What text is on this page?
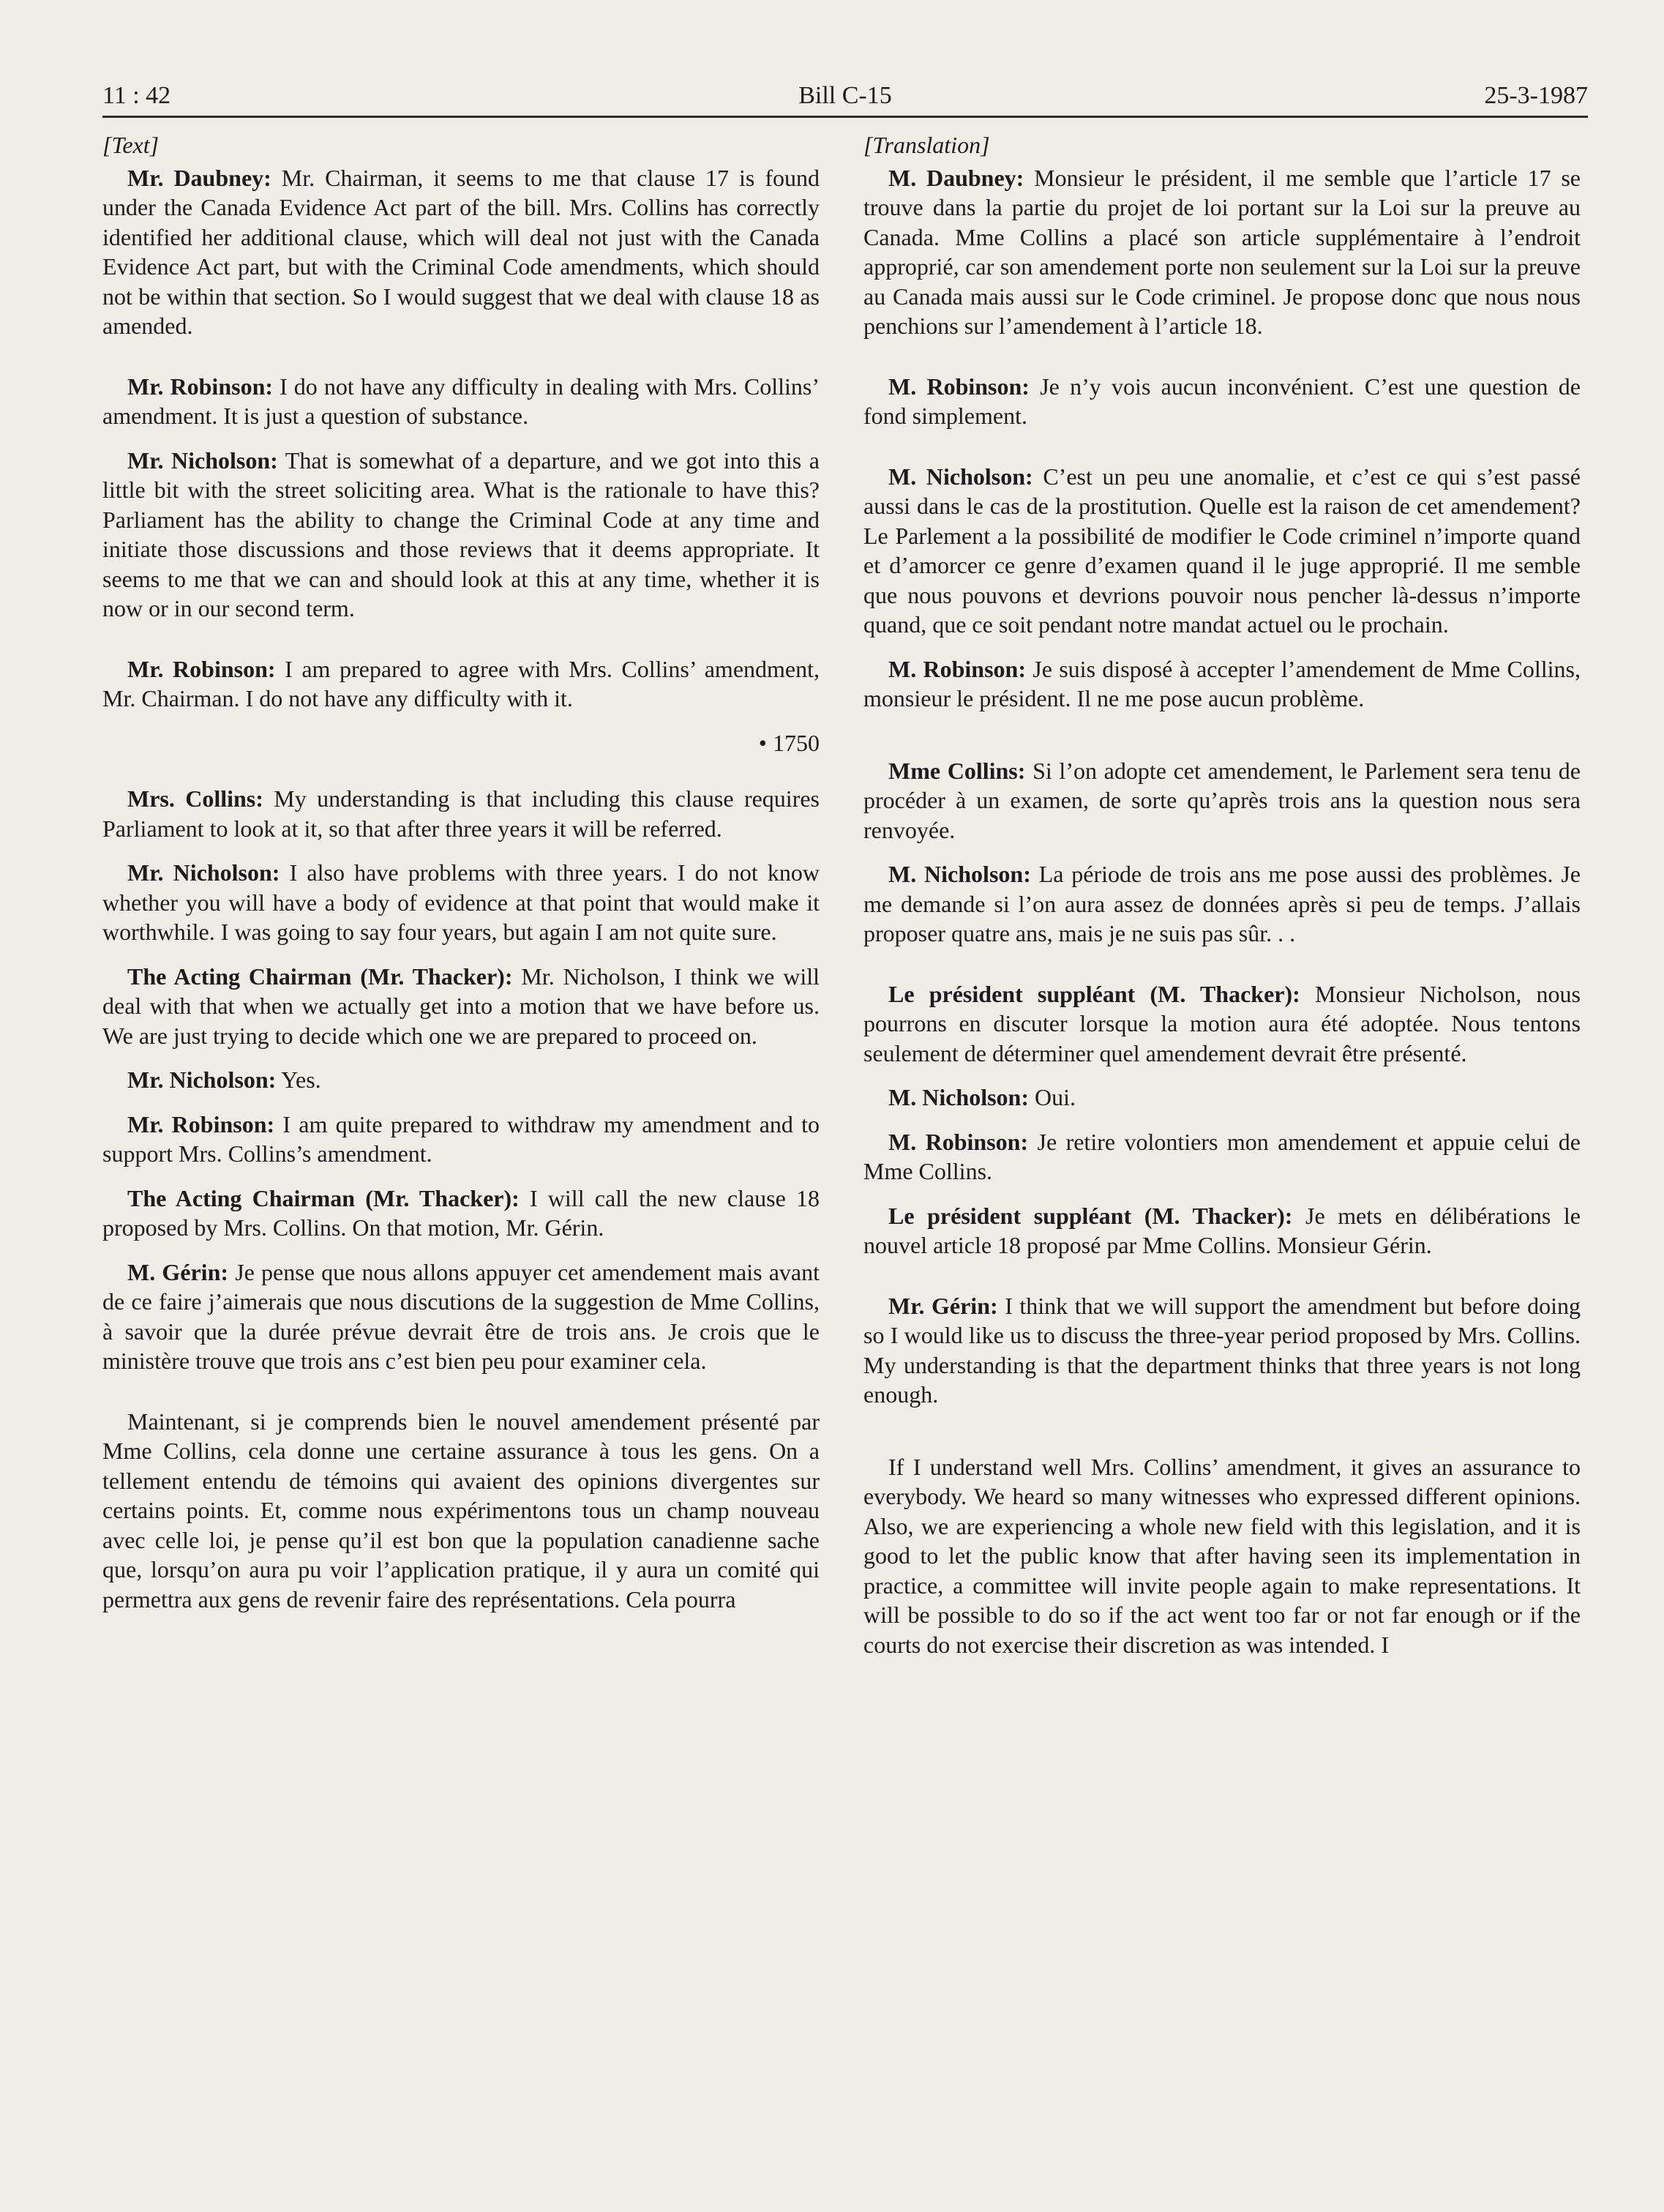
11 : 42	Bill C-15	25-3-1987
[Text]

Mr. Daubney: Mr. Chairman, it seems to me that clause 17 is found under the Canada Evidence Act part of the bill. Mrs. Collins has correctly identified her additional clause, which will deal not just with the Canada Evidence Act part, but with the Criminal Code amendments, which should not be within that section. So I would suggest that we deal with clause 18 as amended.

Mr. Robinson: I do not have any difficulty in dealing with Mrs. Collins’ amendment. It is just a question of substance.

Mr. Nicholson: That is somewhat of a departure, and we got into this a little bit with the street soliciting area. What is the rationale to have this? Parliament has the ability to change the Criminal Code at any time and initiate those discussions and those reviews that it deems appropriate. It seems to me that we can and should look at this at any time, whether it is now or in our second term.

Mr. Robinson: I am prepared to agree with Mrs. Collins’ amendment, Mr. Chairman. I do not have any difficulty with it.

• 1750

Mrs. Collins: My understanding is that including this clause requires Parliament to look at it, so that after three years it will be referred.

Mr. Nicholson: I also have problems with three years. I do not know whether you will have a body of evidence at that point that would make it worthwhile. I was going to say four years, but again I am not quite sure.

The Acting Chairman (Mr. Thacker): Mr. Nicholson, I think we will deal with that when we actually get into a motion that we have before us. We are just trying to decide which one we are prepared to proceed on.

Mr. Nicholson: Yes.

Mr. Robinson: I am quite prepared to withdraw my amendment and to support Mrs. Collins’s amendment.

The Acting Chairman (Mr. Thacker): I will call the new clause 18 proposed by Mrs. Collins. On that motion, Mr. Gérin.

M. Gérin: Je pense que nous allons appuyer cet amendement mais avant de ce faire j’aimerais que nous discutions de la suggestion de Mme Collins, à savoir que la durée prévue devrait être de trois ans. Je crois que le ministère trouve que trois ans c’est bien peu pour examiner cela.

Maintenant, si je comprends bien le nouvel amendement présenté par Mme Collins, cela donne une certaine assurance à tous les gens. On a tellement entendu de témoins qui avaient des opinions divergentes sur certains points. Et, comme nous expérimentons tous un champ nouveau avec celle loi, je pense qu’il est bon que la population canadienne sache que, lorsqu’on aura pu voir l’application pratique, il y aura un comité qui permettra aux gens de revenir faire des représentations. Cela pourra

[Translation]

M. Daubney: Monsieur le président, il me semble que l’article 17 se trouve dans la partie du projet de loi portant sur la Loi sur la preuve au Canada. Mme Collins a placé son article supplémentaire à l’endroit approprié, car son amendement porte non seulement sur la Loi sur la preuve au Canada mais aussi sur le Code criminel. Je propose donc que nous nous penchions sur l’amendement à l’article 18.

M. Robinson: Je n’y vois aucun inconvénient. C’est une question de fond simplement.

M. Nicholson: C’est un peu une anomalie, et c’est ce qui s’est passé aussi dans le cas de la prostitution. Quelle est la raison de cet amendement? Le Parlement a la possibilité de modifier le Code criminel n’importe quand et d’amorcer ce genre d’examen quand il le juge approprié. Il me semble que nous pouvons et devrions pouvoir nous pencher là-dessus n’importe quand, que ce soit pendant notre mandat actuel ou le prochain.

M. Robinson: Je suis disposé à accepter l’amendement de Mme Collins, monsieur le président. Il ne me pose aucun problème.

Mme Collins: Si l’on adopte cet amendement, le Parlement sera tenu de procéder à un examen, de sorte qu’après trois ans la question nous sera renvoyée.

M. Nicholson: La période de trois ans me pose aussi des problèmes. Je me demande si l’on aura assez de données après si peu de temps. J’allais proposer quatre ans, mais je ne suis pas sûr. . .

Le président suppléant (M. Thacker): Monsieur Nicholson, nous pourrons en discuter lorsque la motion aura été adoptée. Nous tentons seulement de déterminer quel amendement devrait être présenté.

M. Nicholson: Oui.

M. Robinson: Je retire volontiers mon amendement et appuie celui de Mme Collins.

Le président suppléant (M. Thacker): Je mets en délibérations le nouvel article 18 proposé par Mme Collins. Monsieur Gérin.

Mr. Gérin: I think that we will support the amendment but before doing so I would like us to discuss the three-year period proposed by Mrs. Collins. My understanding is that the department thinks that three years is not long enough.

If I understand well Mrs. Collins’ amendment, it gives an assurance to everybody. We heard so many witnesses who expressed different opinions. Also, we are experiencing a whole new field with this legislation, and it is good to let the public know that after having seen its implementation in practice, a committee will invite people again to make representations. It will be possible to do so if the act went too far or not far enough or if the courts do not exercise their discretion as was intended. I
